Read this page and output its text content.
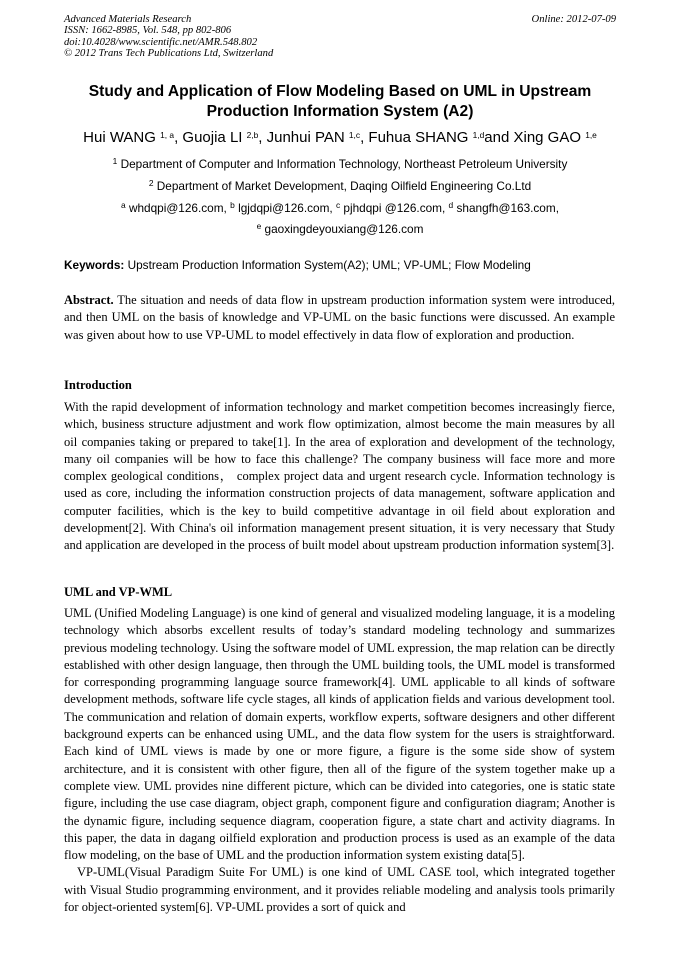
Advanced Materials Research
ISSN: 1662-8985, Vol. 548, pp 802-806
doi:10.4028/www.scientific.net/AMR.548.802
© 2012 Trans Tech Publications Ltd, Switzerland
Online: 2012-07-09
Study and Application of Flow Modeling Based on UML in Upstream Production Information System (A2)
Hui WANG $^{1, a}$, Guojia LI $^{2,b}$, Junhui PAN $^{1,c}$, Fuhua SHANG $^{1,d}$and Xing GAO $^{1,e}$
$^1$ Department of Computer and Information Technology, Northeast Petroleum University
$^2$ Department of Market Development, Daqing Oilfield Engineering Co.Ltd
$^a$ whdqpi@126.com, $^b$ lgjdqpi@126.com, $^c$ pjhdqpi @126.com, $^d$ shangfh@163.com,
$^e$ gaoxingdeyouxiang@126.com
Keywords: Upstream Production Information System(A2); UML; VP-UML; Flow Modeling
Abstract. The situation and needs of data flow in upstream production information system were introduced, and then UML on the basis of knowledge and VP-UML on the basic functions were discussed. An example was given about how to use VP-UML to model effectively in data flow of exploration and production.
Introduction
With the rapid development of information technology and market competition becomes increasingly fierce, which, business structure adjustment and work flow optimization, almost become the main measures by all oil companies taking or prepared to take[1]. In the area of exploration and development of the technology, many oil companies will be how to face this challenge? The company business will face more and more complex geological conditions， complex project data and urgent research cycle. Information technology is used as core, including the information construction projects of data management, software application and computer facilities, which is the key to build competitive advantage in oil field about exploration and development[2]. With China's oil information management present situation, it is very necessary that Study and application are developed in the process of built model about upstream production information system[3].
UML and VP-WML
UML (Unified Modeling Language) is one kind of general and visualized modeling language, it is a modeling technology which absorbs excellent results of today’s standard modeling technology and summarizes previous modeling technology. Using the software model of UML expression, the map relation can be directly established with other design language, then through the UML building tools, the UML model is transformed for corresponding programming language source framework[4]. UML applicable to all kinds of software development methods, software life cycle stages, all kinds of application fields and various development tool. The communication and relation of domain experts, workflow experts, software designers and other different background experts can be enhanced using UML, and the data flow system for the users is straightforward. Each kind of UML views is made by one or more figure, a figure is the some side show of system architecture, and it is consistent with other figure, then all of the figure of the system together make up a complete view. UML provides nine different picture, which can be divided into categories, one is static state figure, including the use case diagram, object graph, component figure and configuration diagram; Another is the dynamic figure, including sequence diagram, cooperation figure, a state chart and activity diagrams. In this paper, the data in dagang oilfield exploration and production process is used as an example of the data flow modeling, on the base of UML and the production information system existing data[5].
VP-UML(Visual Paradigm Suite For UML) is one kind of UML CASE tool, which integrated together with Visual Studio programming environment, and it provides reliable modeling and analysis tools primarily for object-oriented system[6]. VP-UML provides a sort of quick and
